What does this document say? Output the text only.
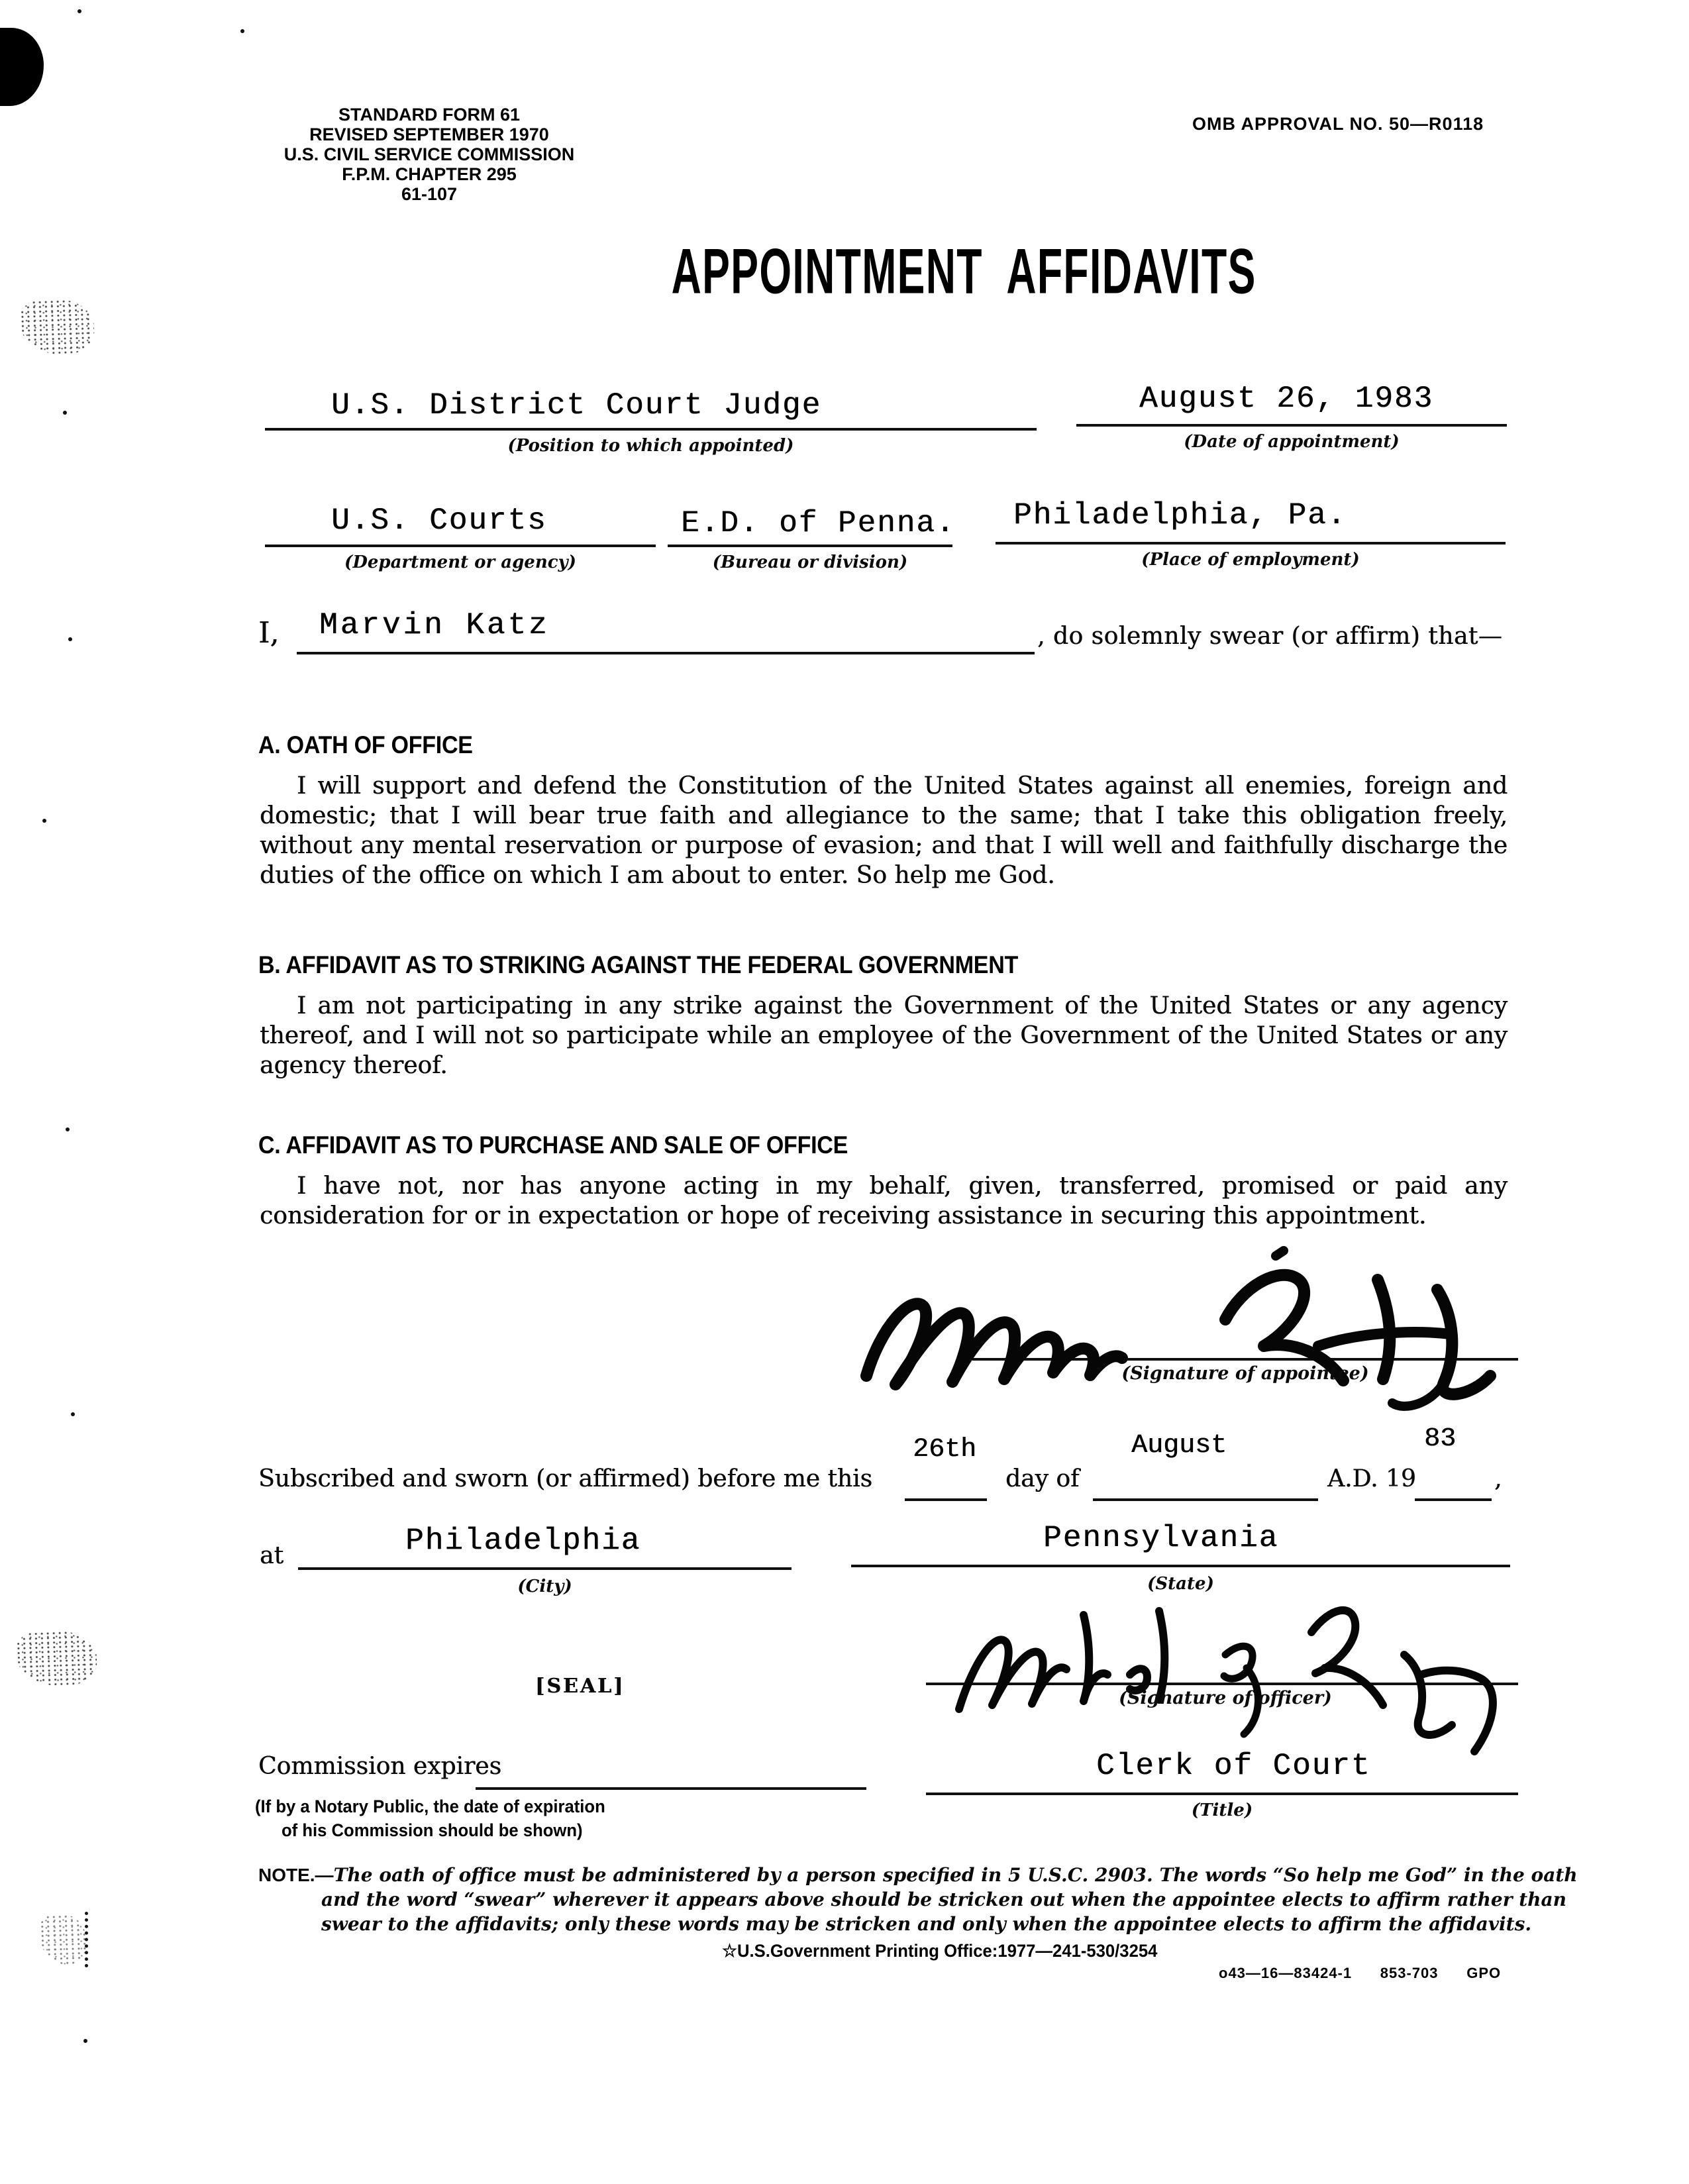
STANDARD FORM 61
REVISED SEPTEMBER 1970
U.S. CIVIL SERVICE COMMISSION
F.P.M. CHAPTER 295
61-107
OMB APPROVAL NO. 50—R0118
APPOINTMENT AFFIDAVITS
U.S. District Court Judge
(Position to which appointed)
August 26, 1983
(Date of appointment)
U.S. Courts
(Department or agency)
E.D. of Penna.
(Bureau or division)
Philadelphia, Pa.
(Place of employment)
I, Marvin Katz	, do solemnly swear (or affirm) that—
A. OATH OF OFFICE
I will support and defend the Constitution of the United States against all enemies, foreign and domestic; that I will bear true faith and allegiance to the same; that I take this obligation freely, without any mental reservation or purpose of evasion; and that I will well and faithfully discharge the duties of the office on which I am about to enter. So help me God.
B. AFFIDAVIT AS TO STRIKING AGAINST THE FEDERAL GOVERNMENT
I am not participating in any strike against the Government of the United States or any agency thereof, and I will not so participate while an employee of the Government of the United States or any agency thereof.
C. AFFIDAVIT AS TO PURCHASE AND SALE OF OFFICE
I have not, nor has anyone acting in my behalf, given, transferred, promised or paid any consideration for or in expectation or hope of receiving assistance in securing this appointment.
(Signature of appointee)
Subscribed and sworn (or affirmed) before me this
26th
day of
August
A.D. 19
83
,
at	Philadelphia
(City)
Pennsylvania
(State)
[SEAL]
(Signature of officer)
Commission expires
(If by a Notary Public, the date of expiration
of his Commission should be shown)
Clerk of Court
(Title)

NOTE.—The oath of office must be administered by a person specified in 5 U.S.C. 2903. The words “So help me God” in the oath and the word “swear” wherever it appears above should be stricken out when the appointee elects to affirm rather than swear to the affidavits; only these words may be stricken and only when the appointee elects to affirm the affidavits.

☆U.S.Government Printing Office:1977—241-530/3254
o43—16—83424-1      853-703      GPO
